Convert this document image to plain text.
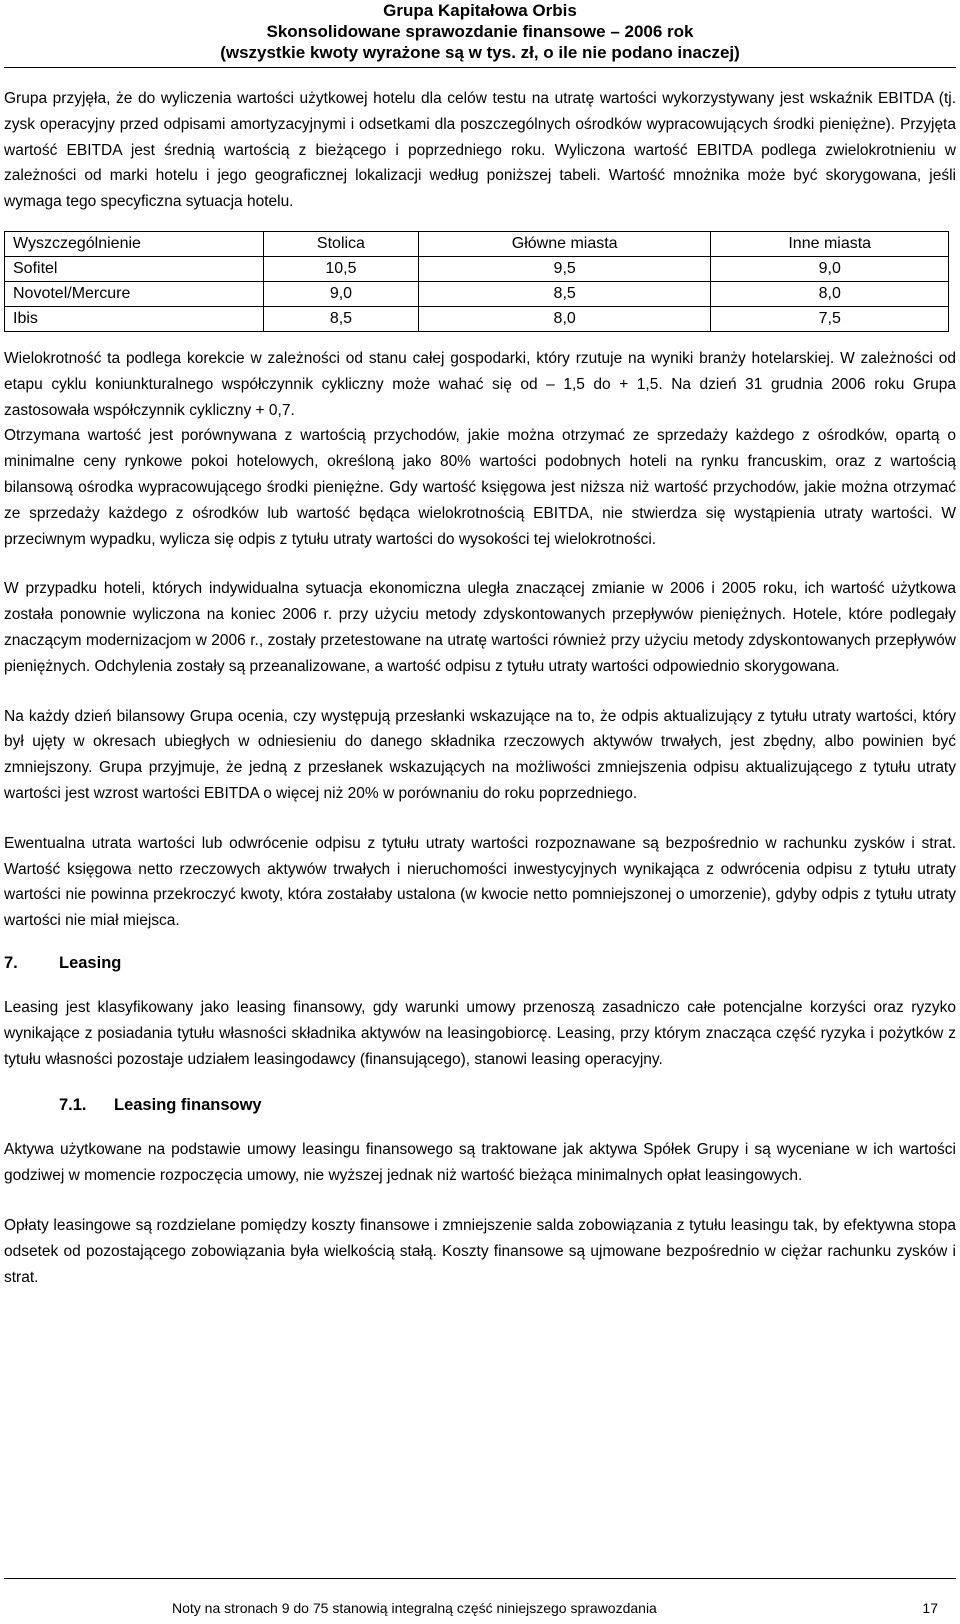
Grupa Kapitałowa Orbis
Skonsolidowane sprawozdanie finansowe – 2006 rok
(wszystkie kwoty wyrażone są w tys. zł, o ile nie podano inaczej)

Grupa przyjęła, że do wyliczenia wartości użytkowej hotelu dla celów testu na utratę wartości wykorzystywany jest wskaźnik EBITDA (tj. zysk operacyjny przed odpisami amortyzacyjnymi i odsetkami dla poszczególnych ośrodków wypracowujących środki pieniężne). Przyjęta wartość EBITDA jest średnią wartością z bieżącego i poprzedniego roku. Wyliczona wartość EBITDA podlega zwielokrotnieniu w zależności od marki hotelu i jego geograficznej lokalizacji według poniższej tabeli. Wartość mnożnika może być skorygowana, jeśli wymaga tego specyficzna sytuacja hotelu.

Wyszczególnienie	Stolica	Główne miasta	Inne miasta
Sofitel	10,5	9,5	9,0
Novotel/Mercure	9,0	8,5	8,0
Ibis	8,5	8,0	7,5

Wielokrotność ta podlega korekcie w zależności od stanu całej gospodarki, który rzutuje na wyniki branży hotelarskiej. W zależności od etapu cyklu koniunkturalnego współczynnik cykliczny może wahać się od – 1,5 do + 1,5. Na dzień 31 grudnia 2006 roku Grupa zastosowała współczynnik cykliczny + 0,7.

Otrzymana wartość jest porównywana z wartością przychodów, jakie można otrzymać ze sprzedaży każdego z ośrodków, opartą o minimalne ceny rynkowe pokoi hotelowych, określoną jako 80% wartości podobnych hoteli na rynku francuskim, oraz z wartością bilansową ośrodka wypracowującego środki pieniężne. Gdy wartość księgowa jest niższa niż wartość przychodów, jakie można otrzymać ze sprzedaży każdego z ośrodków lub wartość będąca wielokrotnością EBITDA, nie stwierdza się wystąpienia utraty wartości. W przeciwnym wypadku, wylicza się odpis z tytułu utraty wartości do wysokości tej wielokrotności.

W przypadku hoteli, których indywidualna sytuacja ekonomiczna uległa znaczącej zmianie w 2006 i 2005 roku, ich wartość użytkowa została ponownie wyliczona na koniec 2006 r. przy użyciu metody zdyskontowanych przepływów pieniężnych. Hotele, które podlegały znaczącym modernizacjom w 2006 r., zostały przetestowane na utratę wartości również przy użyciu metody zdyskontowanych przepływów pieniężnych. Odchylenia zostały są przeanalizowane, a wartość odpisu z tytułu utraty wartości odpowiednio skorygowana.

Na każdy dzień bilansowy Grupa ocenia, czy występują przesłanki wskazujące na to, że odpis aktualizujący z tytułu utraty wartości, który był ujęty w okresach ubiegłych w odniesieniu do danego składnika rzeczowych aktywów trwałych, jest zbędny, albo powinien być zmniejszony. Grupa przyjmuje, że jedną z przesłanek wskazujących na możliwości zmniejszenia odpisu aktualizującego z tytułu utraty wartości jest wzrost wartości EBITDA o więcej niż 20% w porównaniu do roku poprzedniego.

Ewentualna utrata wartości lub odwrócenie odpisu z tytułu utraty wartości rozpoznawane są bezpośrednio w rachunku zysków i strat. Wartość księgowa netto rzeczowych aktywów trwałych i nieruchomości inwestycyjnych wynikająca z odwrócenia odpisu z tytułu utraty wartości nie powinna przekroczyć kwoty, która zostałaby ustalona (w kwocie netto pomniejszonej o umorzenie), gdyby odpis z tytułu utraty wartości nie miał miejsca.

7.	Leasing

Leasing jest klasyfikowany jako leasing finansowy, gdy warunki umowy przenoszą zasadniczo całe potencjalne korzyści oraz ryzyko wynikające z posiadania tytułu własności składnika aktywów na leasingobiorcę. Leasing, przy którym znacząca część ryzyka i pożytków z tytułu własności pozostaje udziałem leasingodawcy (finansującego), stanowi leasing operacyjny.

7.1.	Leasing finansowy

Aktywa użytkowane na podstawie umowy leasingu finansowego są traktowane jak aktywa Spółek Grupy i są wyceniane w ich wartości godziwej w momencie rozpoczęcia umowy, nie wyższej jednak niż wartość bieżąca minimalnych opłat leasingowych.

Opłaty leasingowe są rozdzielane pomiędzy koszty finansowe i zmniejszenie salda zobowiązania z tytułu leasingu tak, by efektywna stopa odsetek od pozostającego zobowiązania była wielkością stałą. Koszty finansowe są ujmowane bezpośrednio w ciężar rachunku zysków i strat.

Noty na stronach 9 do 75 stanowią integralną część niniejszego sprawozdania	17
